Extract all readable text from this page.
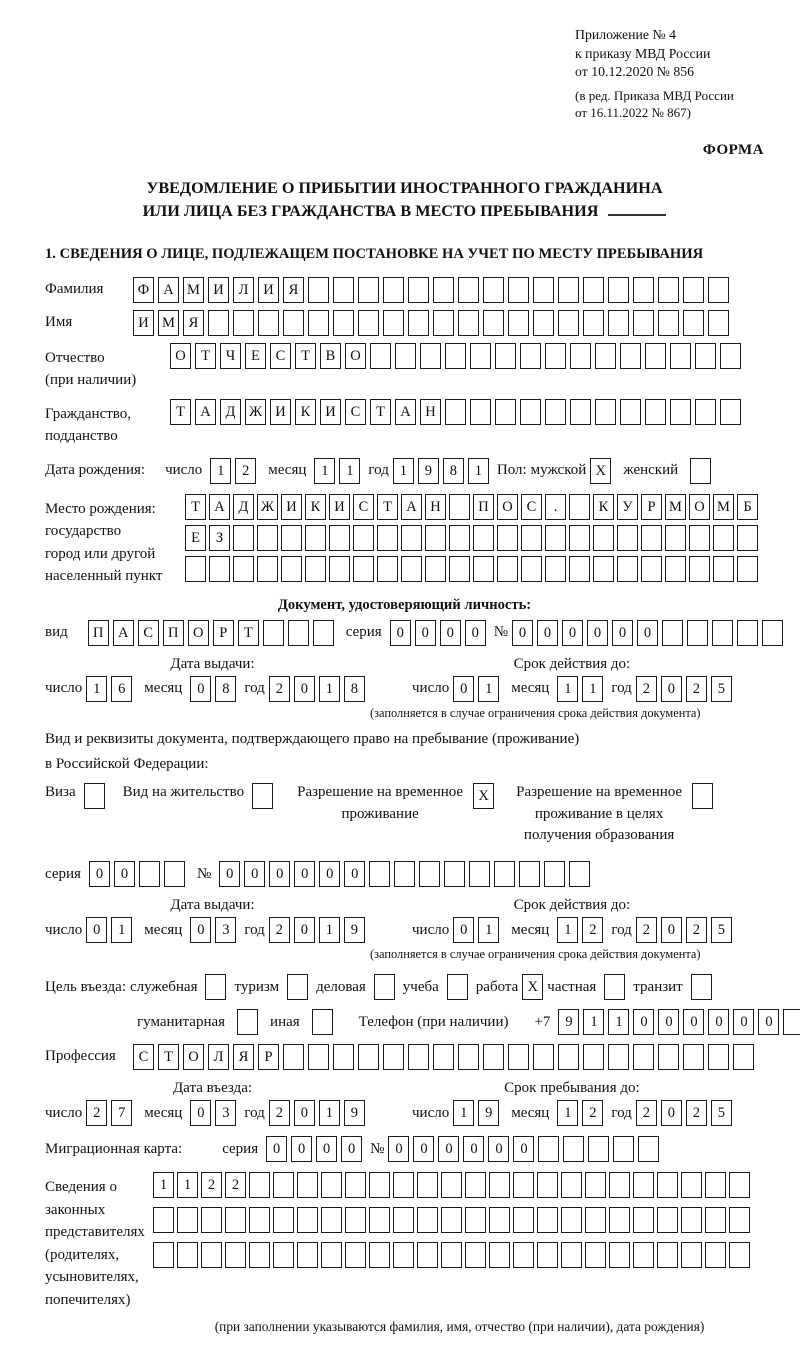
Приложение № 4
к приказу МВД России
от 10.12.2020 № 856
(в ред. Приказа МВД России
от 16.11.2022 № 867)
ФОРМА
УВЕДОМЛЕНИЕ О ПРИБЫТИИ ИНОСТРАННОГО ГРАЖДАНИНА
ИЛИ ЛИЦА БЕЗ ГРАЖДАНСТВА В МЕСТО ПРЕБЫВАНИЯ
1. СВЕДЕНИЯ О ЛИЦЕ, ПОДЛЕЖАЩЕМ ПОСТАНОВКЕ НА УЧЕТ ПО МЕСТУ ПРЕБЫВАНИЯ
Фамилия	Ф А М И	Л	И	Я
Имя	И М Я
Отчество
(при наличии)
О	Т	Ч	Е	С	Т	В	О
Гражданство,
подданство
Т	А	Д Ж И	К	И	С	Т	А	Н
Дата рождения: число	1	2	месяц	1	1 год 1	9	8	1 Пол: мужской X	женский
Место рождения:
государство
город или другой
населенный пункт
Т А Д Ж И К И С	Т А Н	П О С	.	К У	Р М О М Б
Е	З
Документ, удостоверяющий личность:
вид	П	А	С	П	О	Р	Т	серия	0	0	0	0 № 0	0	0	0	0	0
Дата выдачи:
число 1	6	месяц	0	8 год 2	0	1	8
Срок действия до:
число 0	1	месяц	1	1 год 2	0	2	5
(заполняется в случае ограничения срока действия документа)
Вид и реквизиты документа, подтверждающего право на пребывание (проживание)
в Российской Федерации:
Виза	Вид на жительство	Разрешение на временное
проживание
X	Разрешение на временное
проживание в целях
получения образования
серия	0	0	№	0	0	0	0	0	0
Дата выдачи:
число 0	1	месяц	0	3 год 2	0	1	9
Срок действия до:
число 0	1	месяц	1	2 год 2	0	2	5
(заполняется в случае ограничения срока действия документа)
Цель въезда: служебная туризм деловая учеба работа X частная транзит
гуманитарная	иная	Телефон (при наличии) +7	9	1	1	0	0	0	0	0	0
Профессия	С	Т	О	Л	Я	Р
Дата въезда:
число 2	7	месяц	0	3 год 2	0	1	9
Срок пребывания до:
число 1	9	месяц	1	2 год 2	0	2	5
Миграционная карта:	серия	0	0	0	0 № 0	0	0	0	0	0
Сведения о
законных
представителях
(родителях,
усыновителях,
попечителях)
1	1	2	2
(при заполнении указываются фамилия, имя, отчество (при наличии), дата рождения)
